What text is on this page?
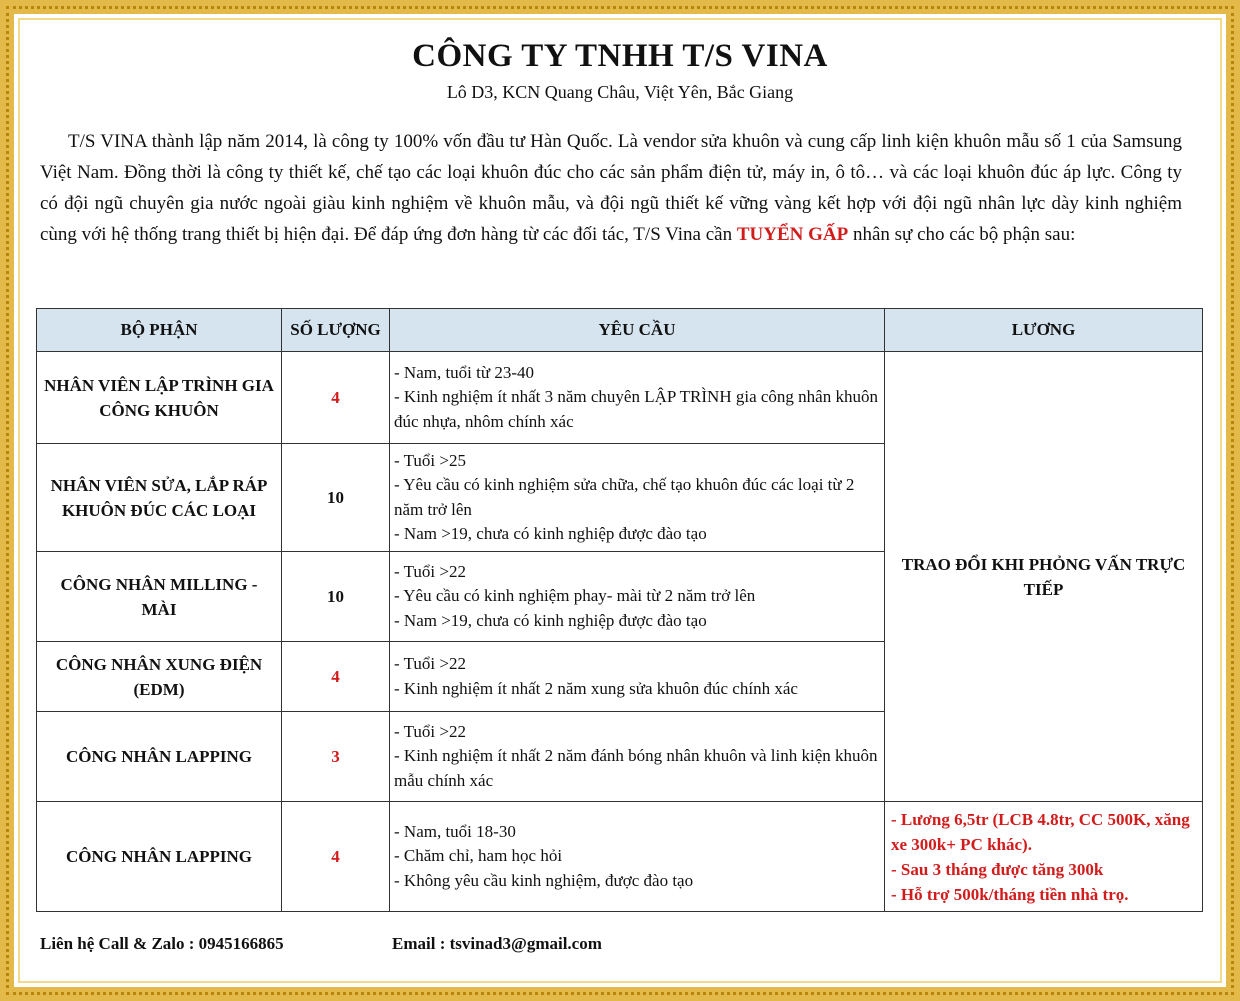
CÔNG TY TNHH T/S VINA
Lô D3, KCN Quang Châu, Việt Yên, Bắc Giang
T/S VINA thành lập năm 2014, là công ty 100% vốn đầu tư Hàn Quốc. Là vendor sửa khuôn và cung cấp linh kiện khuôn mẫu số 1 của Samsung Việt Nam. Đồng thời là công ty thiết kế, chế tạo các loại khuôn đúc cho các sản phẩm điện tử, máy in, ô tô… và các loại khuôn đúc áp lực. Công ty có đội ngũ chuyên gia nước ngoài giàu kinh nghiệm về khuôn mẫu, và đội ngũ thiết kế vững vàng kết hợp với đội ngũ nhân lực dày kinh nghiệm cùng với hệ thống trang thiết bị hiện đại. Để đáp ứng đơn hàng từ các đối tác, T/S Vina cần TUYỂN GẤP nhân sự cho các bộ phận sau:
BỘ PHẬN	SỐ LƯỢNG	YÊU CẦU	LƯƠNG
NHÂN VIÊN LẬP TRÌNH GIA CÔNG KHUÔN	4	- Nam, tuổi từ 23-40
- Kinh nghiệm ít nhất 3 năm chuyên LẬP TRÌNH gia công nhân khuôn đúc nhựa, nhôm chính xác	TRAO ĐỔI KHI PHỎNG VẤN TRỰC TIẾP
NHÂN VIÊN SỬA, LẮP RÁP KHUÔN ĐÚC CÁC LOẠI	10	- Tuổi >25
- Yêu cầu có kinh nghiệm sửa chữa, chế tạo khuôn đúc các loại từ 2 năm trở lên
- Nam >19, chưa có kinh nghiệp được đào tạo	

CÔNG NHÂN MILLING - MÀI	10	- Tuổi >22
- Yêu cầu có kinh nghiệm phay- mài từ 2 năm trở lên
- Nam >19, chưa có kinh nghiệp được đào tạo	

CÔNG NHÂN XUNG ĐIỆN (EDM)	4	- Tuổi >22
- Kinh nghiệm ít nhất 2 năm xung sửa khuôn đúc chính xác	

CÔNG NHÂN LAPPING	3	- Tuổi >22
- Kinh nghiệm ít nhất 2 năm đánh bóng nhân khuôn và linh kiện khuôn mẫu chính xác	

CÔNG NHÂN LAPPING	4	- Nam, tuổi 18-30
- Chăm chỉ, ham học hỏi
- Không yêu cầu kinh nghiệm, được đào tạo	- Lương 6,5tr (LCB 4.8tr, CC 500K, xăng xe 300k+ PC khác).
- Sau 3 tháng được tăng 300k
- Hỗ trợ 500k/tháng tiền nhà trọ.
Liên hệ Call & Zalo : 0945166865	Email : tsvinad3@gmail.com
